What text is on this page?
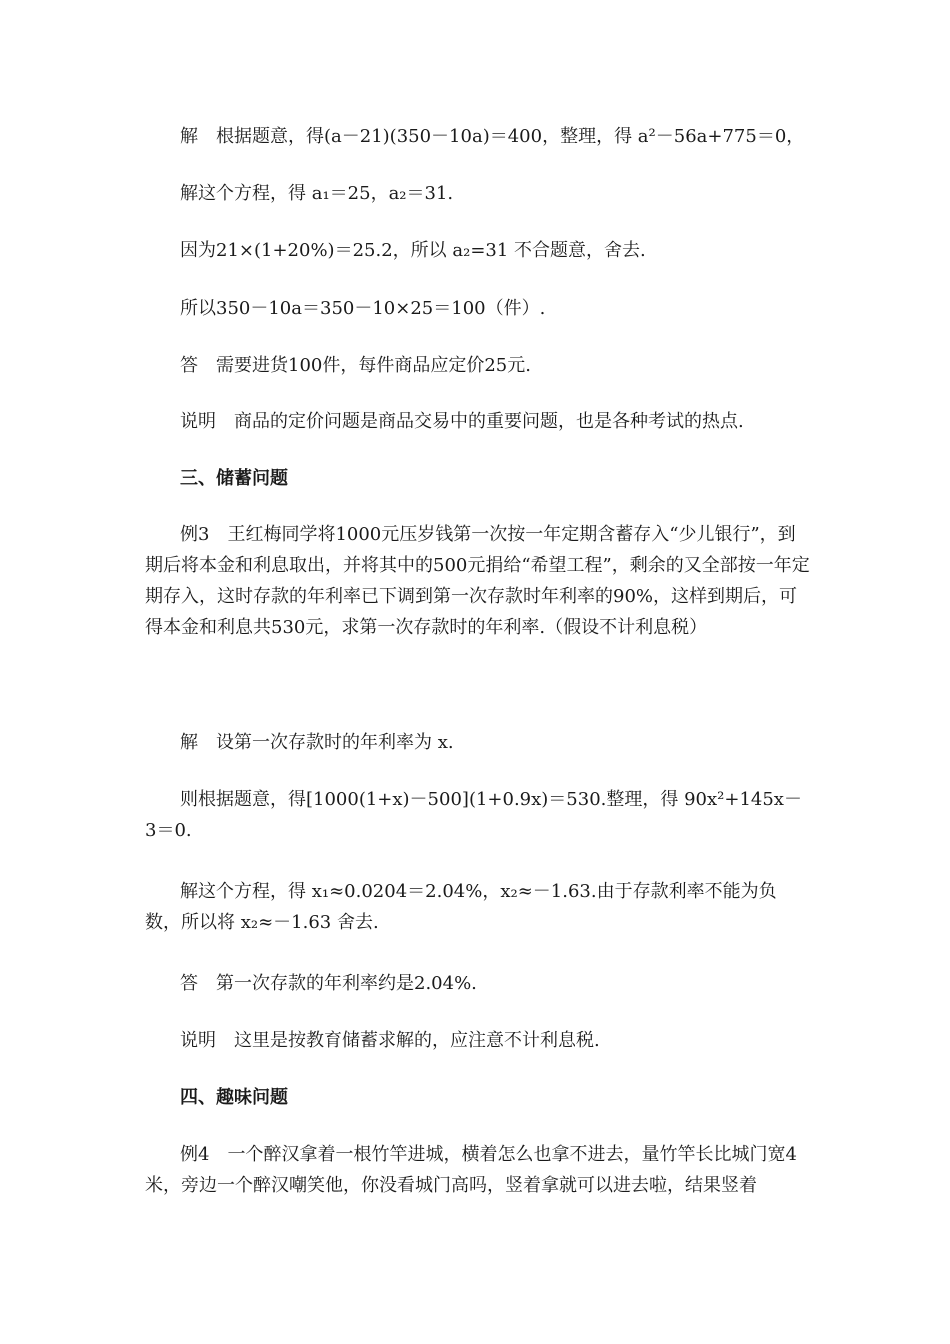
解　根据题意，得(a－21)(350－10a)＝400，整理，得 a²－56a+775＝0，

解这个方程，得 a₁＝25，a₂＝31.

因为21×(1+20%)＝25.2，所以 a₂=31 不合题意，舍去.

所以350－10a＝350－10×25＝100（件）.

答　需要进货100件，每件商品应定价25元.

说明　商品的定价问题是商品交易中的重要问题，也是各种考试的热点.

三、储蓄问题

例3　王红梅同学将1000元压岁钱第一次按一年定期含蓄存入“少儿银行”，到期后将本金和利息取出，并将其中的500元捐给“希望工程”，剩余的又全部按一年定期存入，这时存款的年利率已下调到第一次存款时年利率的90%，这样到期后，可得本金和利息共530元，求第一次存款时的年利率.（假设不计利息税）

解　设第一次存款时的年利率为 x.

则根据题意，得[1000(1+x)－500](1+0.9x)＝530.整理，得 90x²+145x－3＝0.

解这个方程，得 x₁≈0.0204＝2.04%，x₂≈－1.63.由于存款利率不能为负数，所以将 x₂≈－1.63 舍去.

答　第一次存款的年利率约是2.04%.

说明　这里是按教育储蓄求解的，应注意不计利息税.

四、趣味问题

例4　一个醉汉拿着一根竹竿进城，横着怎么也拿不进去，量竹竿长比城门宽4米，旁边一个醉汉嘲笑他，你没看城门高吗，竖着拿就可以进去啦，结果竖着
